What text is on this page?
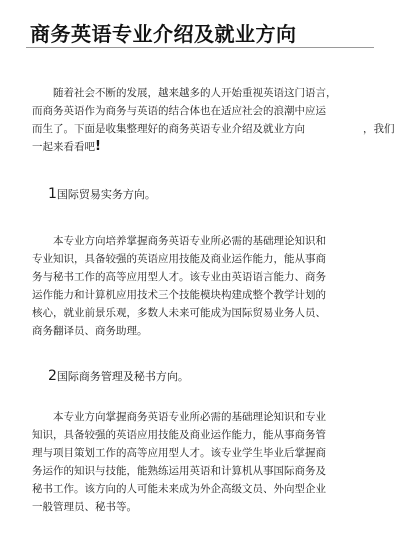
商务英语专业介绍及就业方向
随着社会不断的发展，越来越多的人开始重视英语这门语言，
而商务英语作为商务与英语的结合体也在适应社会的浪潮中应运
而生了。下面是收集整理好的商务英语专业介绍及就业方向	，我们
一起来看看吧!
1国际贸易实务方向。
本专业方向培养掌握商务英语专业所必需的基础理论知识和
专业知识，具备较强的英语应用技能及商业运作能力，能从事商
务与秘书工作的高等应用型人才。该专业由英语语言能力、商务
运作能力和计算机应用技术三个技能模块构建成整个教学计划的
核心，就业前景乐观，多数人未来可能成为国际贸易业务人员、
商务翻译员、商务助理。
2国际商务管理及秘书方向。
本专业方向掌握商务英语专业所必需的基础理论知识和专业
知识，具备较强的英语应用技能及商业运作能力，能从事商务管
理与项目策划工作的高等应用型人才。该专业学生毕业后掌握商
务运作的知识与技能，能熟练运用英语和计算机从事国际商务及
秘书工作。该方向的人可能未来成为外企高级文员、外向型企业
一般管理员、秘书等。
